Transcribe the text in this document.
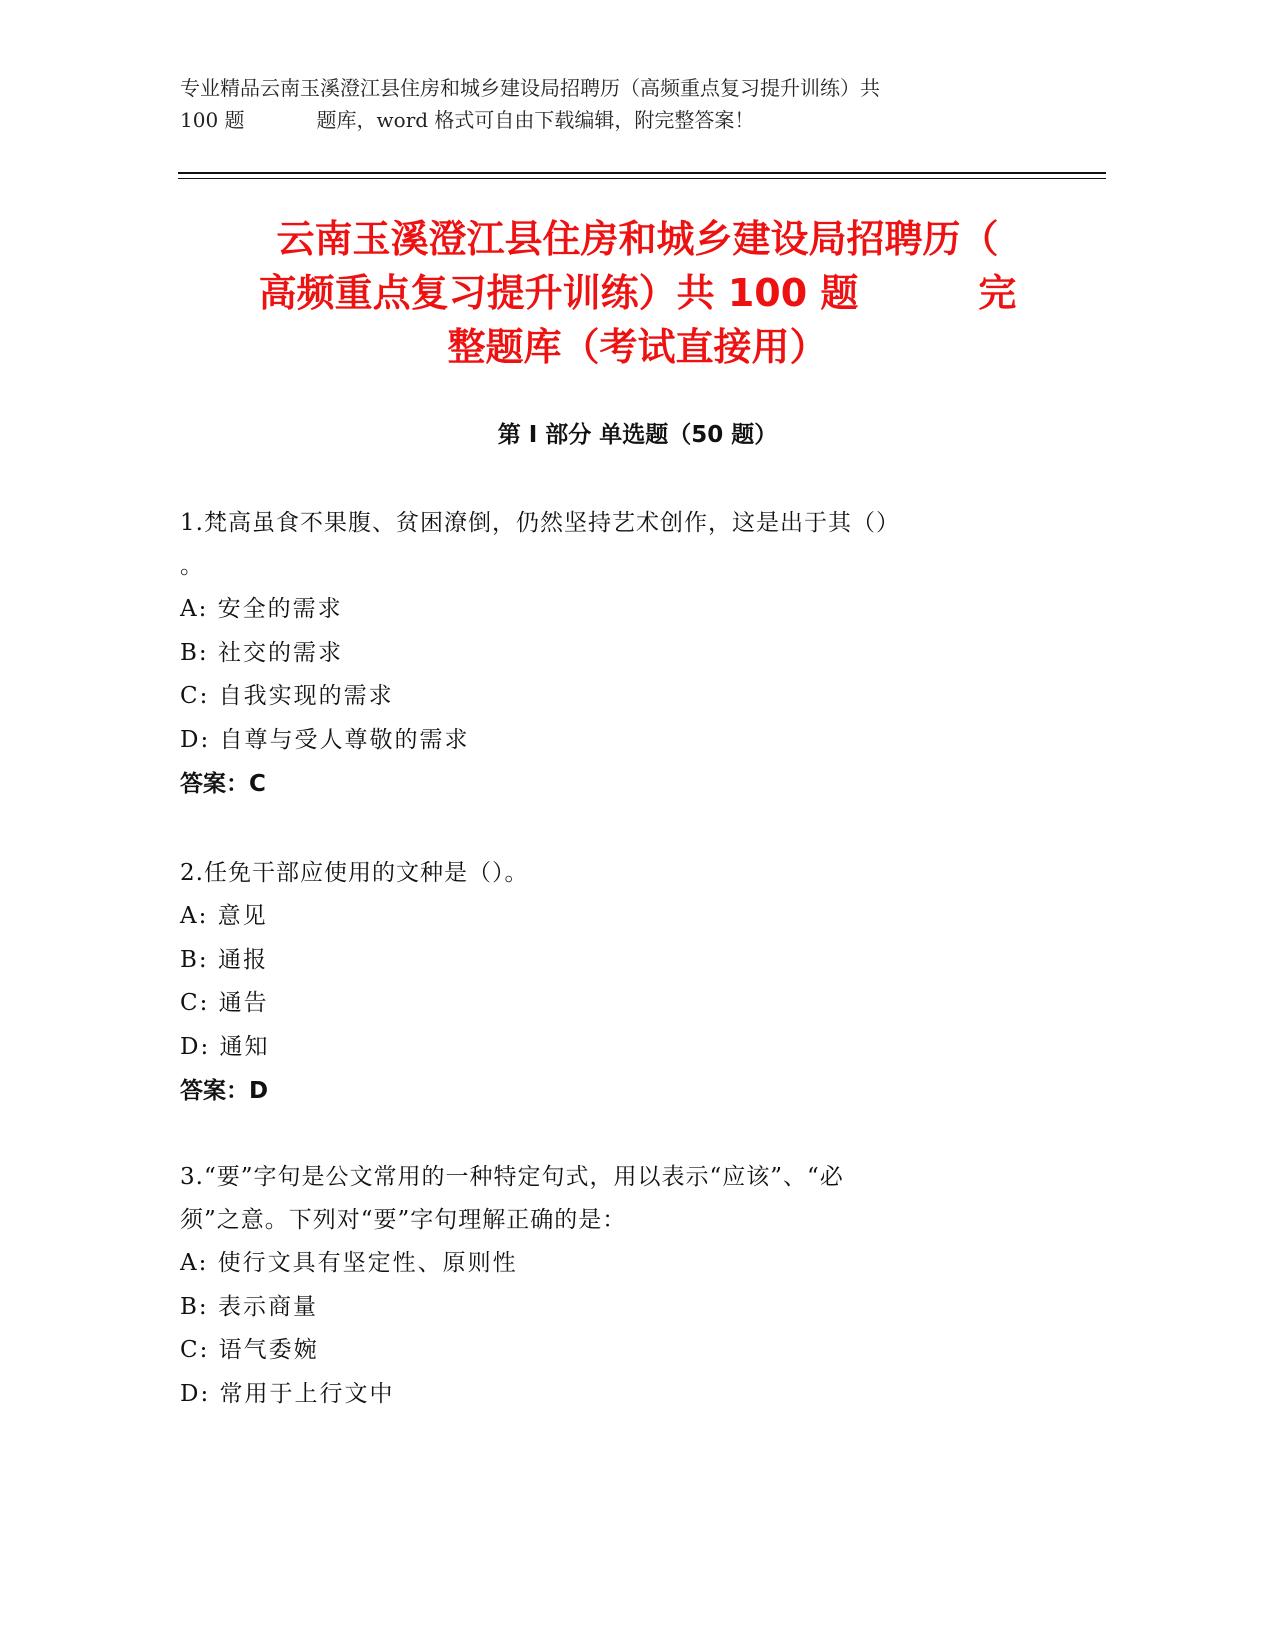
专业精品云南玉溪澄江县住房和城乡建设局招聘历（高频重点复习提升训练）共
100 题	题库，word 格式可自由下载编辑，附完整答案！
云南玉溪澄江县住房和城乡建设局招聘历（
高频重点复习提升训练）共 100 题	完
整题库（考试直接用）
第 I 部分 单选题（50 题）
1.梵高虽食不果腹、贫困潦倒，仍然坚持艺术创作，这是出于其（）
。
A: 安全的需求
B: 社交的需求
C: 自我实现的需求
D: 自尊与受人尊敬的需求
答案：C
2.任免干部应使用的文种是（）。
A: 意见
B: 通报
C: 通告
D: 通知
答案：D
3.“要”字句是公文常用的一种特定句式，用以表示“应该”、“必
须”之意。下列对“要”字句理解正确的是：
A: 使行文具有坚定性、原则性
B: 表示商量
C: 语气委婉
D: 常用于上行文中
